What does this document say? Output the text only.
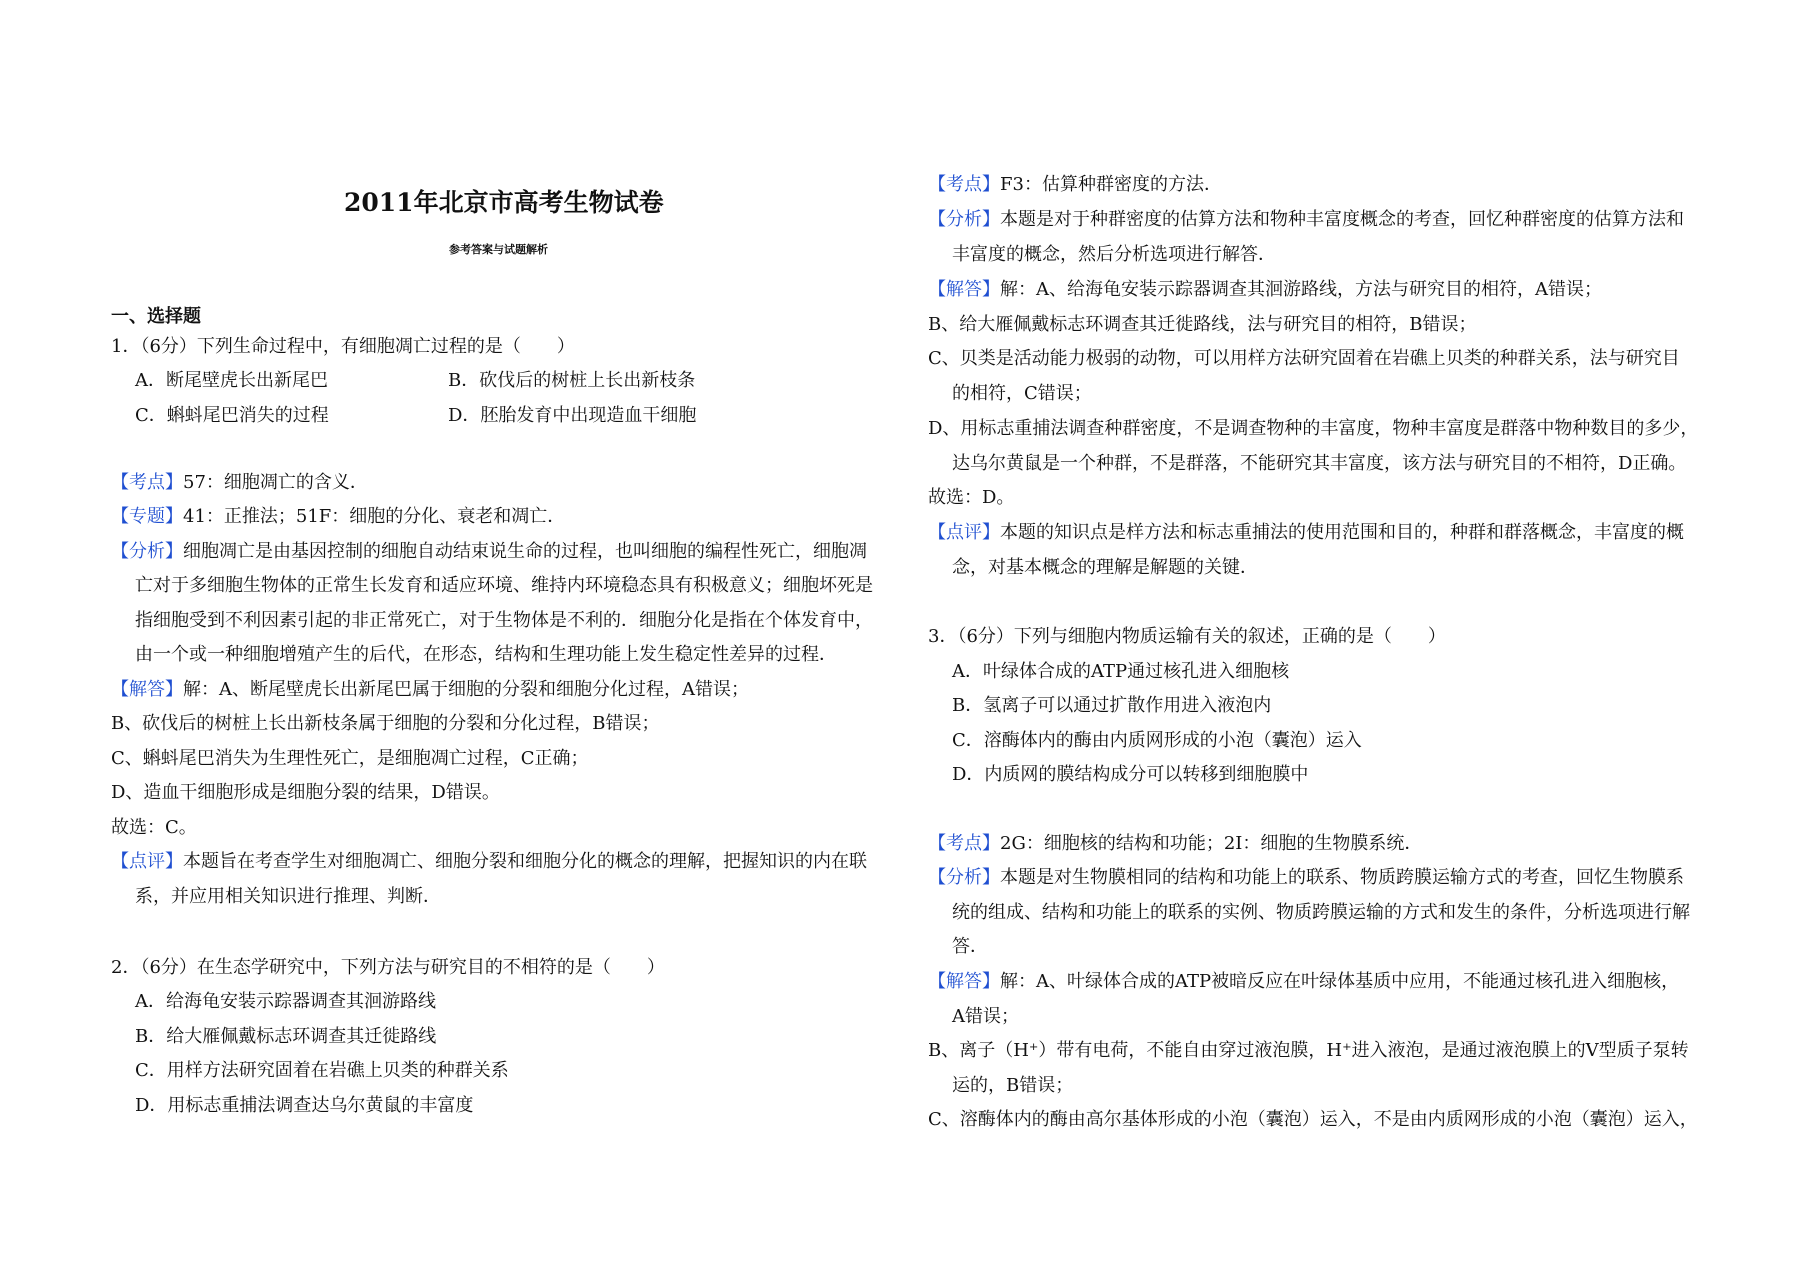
2011年北京市高考生物试卷
参考答案与试题解析
一、选择题
1．（6分）下列生命过程中，有细胞凋亡过程的是（　　）
A．断尾壁虎长出新尾巴	B．砍伐后的树桩上长出新枝条
C．蝌蚪尾巴消失的过程	D．胚胎发育中出现造血干细胞
【考点】57：细胞凋亡的含义．
【专题】41：正推法；51F：细胞的分化、衰老和凋亡．
【分析】细胞凋亡是由基因控制的细胞自动结束说生命的过程，也叫细胞的编程性死亡，细胞凋
亡对于多细胞生物体的正常生长发育和适应环境、维持内环境稳态具有积极意义；细胞坏死是
指细胞受到不利因素引起的非正常死亡，对于生物体是不利的．细胞分化是指在个体发育中，
由一个或一种细胞增殖产生的后代，在形态，结构和生理功能上发生稳定性差异的过程．
【解答】解：A、断尾壁虎长出新尾巴属于细胞的分裂和细胞分化过程，A错误；
B、砍伐后的树桩上长出新枝条属于细胞的分裂和分化过程，B错误；
C、蝌蚪尾巴消失为生理性死亡，是细胞凋亡过程，C正确；
D、造血干细胞形成是细胞分裂的结果，D错误。
故选：C。
【点评】本题旨在考查学生对细胞凋亡、细胞分裂和细胞分化的概念的理解，把握知识的内在联
系，并应用相关知识进行推理、判断．
2．（6分）在生态学研究中，下列方法与研究目的不相符的是（　　）
A．给海龟安装示踪器调查其洄游路线
B．给大雁佩戴标志环调查其迁徙路线
C．用样方法研究固着在岩礁上贝类的种群关系
D．用标志重捕法调查达乌尔黄鼠的丰富度
【考点】F3：估算种群密度的方法．
【分析】本题是对于种群密度的估算方法和物种丰富度概念的考查，回忆种群密度的估算方法和
丰富度的概念，然后分析选项进行解答．
【解答】解：A、给海龟安装示踪器调查其洄游路线，方法与研究目的相符，A错误；
B、给大雁佩戴标志环调查其迁徙路线，法与研究目的相符，B错误；
C、贝类是活动能力极弱的动物，可以用样方法研究固着在岩礁上贝类的种群关系，法与研究目
的相符，C错误；
D、用标志重捕法调查种群密度，不是调查物种的丰富度，物种丰富度是群落中物种数目的多少，
达乌尔黄鼠是一个种群，不是群落，不能研究其丰富度，该方法与研究目的不相符，D正确。
故选：D。
【点评】本题的知识点是样方法和标志重捕法的使用范围和目的，种群和群落概念，丰富度的概
念，对基本概念的理解是解题的关键．
3．（6分）下列与细胞内物质运输有关的叙述，正确的是（　　）
A．叶绿体合成的ATP通过核孔进入细胞核
B．氢离子可以通过扩散作用进入液泡内
C．溶酶体内的酶由内质网形成的小泡（囊泡）运入
D．内质网的膜结构成分可以转移到细胞膜中
【考点】2G：细胞核的结构和功能；2I：细胞的生物膜系统．
【分析】本题是对生物膜相同的结构和功能上的联系、物质跨膜运输方式的考查，回忆生物膜系
统的组成、结构和功能上的联系的实例、物质跨膜运输的方式和发生的条件，分析选项进行解
答．
【解答】解：A、叶绿体合成的ATP被暗反应在叶绿体基质中应用，不能通过核孔进入细胞核，
A错误；
B、离子（H⁺）带有电荷，不能自由穿过液泡膜，H⁺进入液泡，是通过液泡膜上的V型质子泵转
运的，B错误；
C、溶酶体内的酶由高尔基体形成的小泡（囊泡）运入，不是由内质网形成的小泡（囊泡）运入，
